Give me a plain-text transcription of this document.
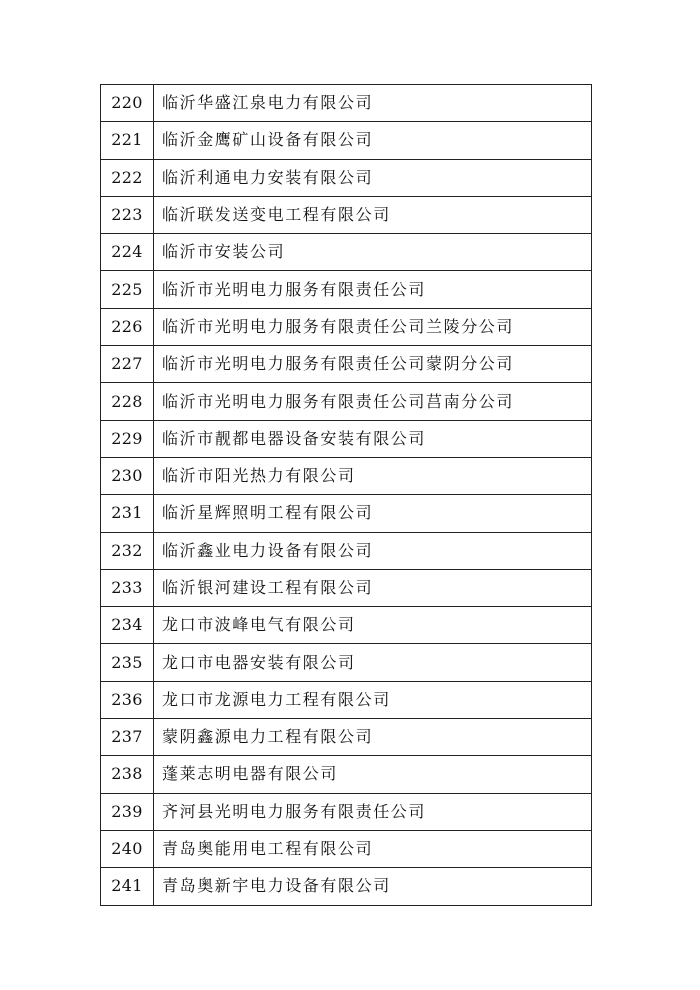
220	临沂华盛江泉电力有限公司
221	临沂金鹰矿山设备有限公司
222	临沂利通电力安装有限公司
223	临沂联发送变电工程有限公司
224	临沂市安装公司
225	临沂市光明电力服务有限责任公司
226	临沂市光明电力服务有限责任公司兰陵分公司
227	临沂市光明电力服务有限责任公司蒙阴分公司
228	临沂市光明电力服务有限责任公司莒南分公司
229	临沂市靓都电器设备安装有限公司
230	临沂市阳光热力有限公司
231	临沂星辉照明工程有限公司
232	临沂鑫业电力设备有限公司
233	临沂银河建设工程有限公司
234	龙口市波峰电气有限公司
235	龙口市电器安装有限公司
236	龙口市龙源电力工程有限公司
237	蒙阴鑫源电力工程有限公司
238	蓬莱志明电器有限公司
239	齐河县光明电力服务有限责任公司
240	青岛奥能用电工程有限公司
241	青岛奥新宇电力设备有限公司
